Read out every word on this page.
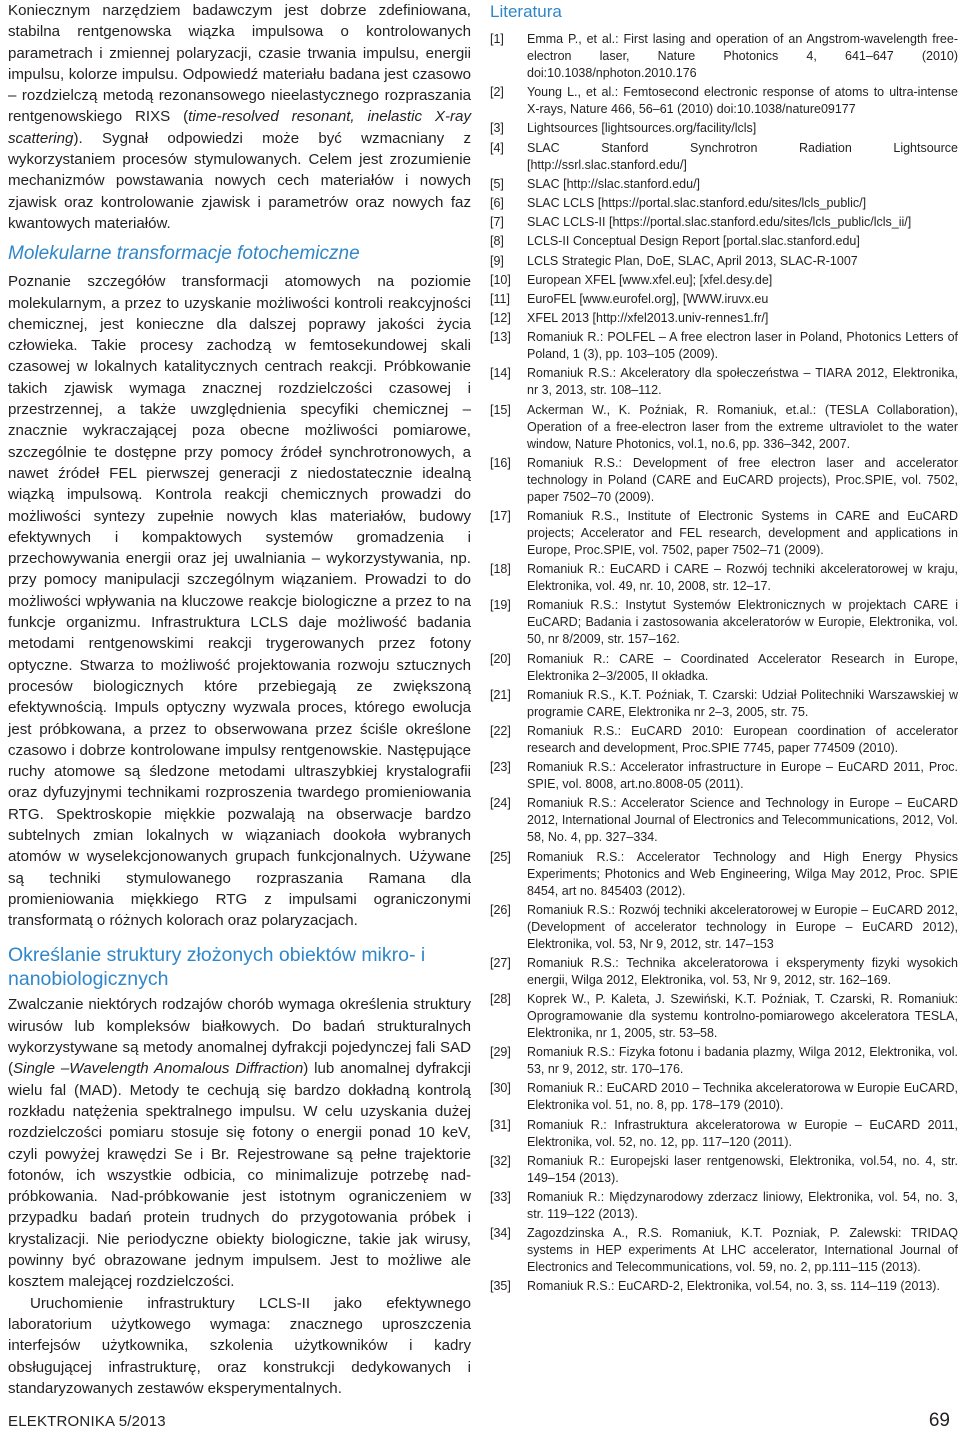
Koniecznym narzędziem badawczym jest dobrze zdefiniowana, stabilna rentgenowska wiązka impulsowa o kontrolowanych parametrach i zmiennej polaryzacji, czasie trwania impulsu, energii impulsu, kolorze impulsu. Odpowiedź materiału badana jest czasowo – rozdzielczą metodą rezonansowego nieelastycznego rozpraszania rentgenowskiego RIXS (time-resolved resonant, inelastic X-ray scattering). Sygnał odpowiedzi może być wzmacniany z wykorzystaniem procesów stymulowanych. Celem jest zrozumienie mechanizmów powstawania nowych cech materiałów i nowych zjawisk oraz kontrolowanie zjawisk i parametrów oraz nowych faz kwantowych materiałów.

Molekularne transformacje fotochemiczne

Poznanie szczegółów transformacji atomowych na poziomie molekularnym, a przez to uzyskanie możliwości kontroli reakcyjności chemicznej, jest konieczne dla dalszej poprawy jakości życia człowieka. Takie procesy zachodzą w femtosekundowej skali czasowej w lokalnych katalitycznych centrach reakcji. Próbkowanie takich zjawisk wymaga znacznej rozdzielczości czasowej i przestrzennej, a także uwzględnienia specyfiki chemicznej – znacznie wykraczającej poza obecne możliwości pomiarowe, szczególnie te dostępne przy pomocy źródeł synchrotronowych, a nawet źródeł FEL pierwszej generacji z niedostatecznie idealną wiązką impulsową. Kontrola reakcji chemicznych prowadzi do możliwości syntezy zupełnie nowych klas materiałów, budowy efektywnych i kompaktowych systemów gromadzenia i przechowywania energii oraz jej uwalniania – wykorzystywania, np. przy pomocy manipulacji szczególnym wiązaniem. Prowadzi to do możliwości wpływania na kluczowe reakcje biologiczne a przez to na funkcje organizmu. Infrastruktura LCLS daje możliwość badania metodami rentgenowskimi reakcji trygerowanych przez fotony optyczne. Stwarza to możliwość projektowania rozwoju sztucznych procesów biologicznych które przebiegają ze zwiększoną efektywnością. Impuls optyczny wyzwala proces, którego ewolucja jest próbkowana, a przez to obserwowana przez ściśle określone czasowo i dobrze kontrolowane impulsy rentgenowskie. Następujące ruchy atomowe są śledzone metodami ultraszybkiej krystalografii oraz dyfuzyjnymi technikami rozproszenia twardego promieniowania RTG. Spektroskopie miękkie pozwalają na obserwacje bardzo subtelnych zmian lokalnych w wiązaniach dookoła wybranych atomów w wyselekcjonowanych grupach funkcjonalnych. Używane są techniki stymulowanego rozpraszania Ramana dla promieniowania miękkiego RTG z impulsami ograniczonymi transformatą o różnych kolorach oraz polaryzacjach.

Określanie struktury złożonych obiektów mikro- i nanobiologicznych

Zwalczanie niektórych rodzajów chorób wymaga określenia struktury wirusów lub kompleksów białkowych. Do badań strukturalnych wykorzystywane są metody anomalnej dyfrakcji pojedynczej fali SAD (Single –Wavelength Anomalous Diffraction) lub anomalnej dyfrakcji wielu fal (MAD). Metody te cechują się bardzo dokładną kontrolą rozkładu natężenia spektralnego impulsu. W celu uzyskania dużej rozdzielczości pomiaru stosuje się fotony o energii ponad 10 keV, czyli powyżej krawędzi Se i Br. Rejestrowane są pełne trajektorie fotonów, ich wszystkie odbicia, co minimalizuje potrzebę nad-próbkowania. Nad-próbkowanie jest istotnym ograniczeniem w przypadku badań protein trudnych do przygotowania próbek i krystalizacji. Nie periodyczne obiekty biologiczne, takie jak wirusy, powinny być obrazowane jednym impulsem. Jest to możliwe ale kosztem malejącej rozdzielczości.

Uruchomienie infrastruktury LCLS-II jako efektywnego laboratorium użytkowego wymaga: znacznego uproszczenia interfejsów użytkownika, szkolenia użytkowników i kadry obsługującej infrastrukturę, oraz konstrukcji dedykowanych i standaryzowanych zestawów eksperymentalnych.

Literatura
[1]	Emma P., et al.: First lasing and operation of an Angstrom-wavelength free-electron laser, Nature Photonics 4, 641–647 (2010) doi:10.1038/nphoton.2010.176
[2]	Young L., et al.: Femtosecond electronic response of atoms to ultra-intense X-rays, Nature 466, 56–61 (2010) doi:10.1038/nature09177
[3]	Lightsources [lightsources.org/facility/lcls]
[4]	SLAC Stanford Synchrotron Radiation Lightsource [http://ssrl.slac.stanford.edu/]
[5]	SLAC [http://slac.stanford.edu/]
[6]	SLAC LCLS [https://portal.slac.stanford.edu/sites/lcls_public/]
[7]	SLAC LCLS-II [https://portal.slac.stanford.edu/sites/lcls_public/lcls_ii/]
[8]	LCLS-II Conceptual Design Report [portal.slac.stanford.edu]
[9]	LCLS Strategic Plan, DoE, SLAC, April 2013, SLAC-R-1007
[10]	European XFEL [www.xfel.eu]; [xfel.desy.de]
[11]	EuroFEL [www.eurofel.org], [WWW.iruvx.eu
[12]	XFEL 2013 [http://xfel2013.univ-rennes1.fr/]
[13]	Romaniuk R.: POLFEL – A free electron laser in Poland, Photonics Letters of Poland, 1 (3), pp. 103–105 (2009).
[14]	Romaniuk R.S.: Akceleratory dla społeczeństwa – TIARA 2012, Elektronika, nr 3, 2013, str. 108–112.
[15]	Ackerman W., K. Poźniak, R. Romaniuk, et.al.: (TESLA Collaboration), Operation of a free-electron laser from the extreme ultraviolet to the water window, Nature Photonics, vol.1, no.6, pp. 336–342, 2007.
[16]	Romaniuk R.S.: Development of free electron laser and accelerator technology in Poland (CARE and EuCARD projects), Proc.SPIE, vol. 7502, paper 7502–70 (2009).
[17]	Romaniuk R.S., Institute of Electronic Systems in CARE and EuCARD projects; Accelerator and FEL research, development and applications in Europe, Proc.SPIE, vol. 7502, paper 7502–71 (2009).
[18]	Romaniuk R.: EuCARD i CARE – Rozwój techniki akceleratorowej w kraju, Elektronika, vol. 49, nr. 10, 2008, str. 12–17.
[19]	Romaniuk R.S.: Instytut Systemów Elektronicznych w projektach CARE i EuCARD; Badania i zastosowania akceleratorów w Europie, Elektronika, vol. 50, nr 8/2009, str. 157–162.
[20]	Romaniuk R.: CARE – Coordinated Accelerator Research in Europe, Elektronika 2–3/2005, II okładka.
[21]	Romaniuk R.S., K.T. Poźniak, T. Czarski: Udział Politechniki Warszawskiej w programie CARE, Elektronika nr 2–3, 2005, str. 75.
[22]	Romaniuk R.S.: EuCARD 2010: European coordination of accelerator research and development, Proc.SPIE 7745, paper 774509 (2010).
[23]	Romaniuk R.S.: Accelerator infrastructure in Europe – EuCARD 2011, Proc. SPIE, vol. 8008, art.no.8008-05 (2011).
[24]	Romaniuk R.S.: Accelerator Science and Technology in Europe – EuCARD 2012, International Journal of Electronics and Telecommunications, 2012, Vol. 58, No. 4, pp. 327–334.
[25]	Romaniuk R.S.: Accelerator Technology and High Energy Physics Experiments; Photonics and Web Engineering, Wilga May 2012, Proc. SPIE 8454, art no. 845403 (2012).
[26]	Romaniuk R.S.: Rozwój techniki akceleratorowej w Europie – EuCARD 2012, (Development of accelerator technology in Europe – EuCARD 2012), Elektronika, vol. 53, Nr 9, 2012, str. 147–153
[27]	Romaniuk R.S.: Technika akceleratorowa i eksperymenty fizyki wysokich energii, Wilga 2012, Elektronika, vol. 53, Nr 9, 2012, str. 162–169.
[28]	Koprek W., P. Kaleta, J. Szewiński, K.T. Poźniak, T. Czarski, R. Romaniuk: Oprogramowanie dla systemu kontrolno-pomiarowego akceleratora TESLA, Elektronika, nr 1, 2005, str. 53–58.
[29]	Romaniuk R.S.: Fizyka fotonu i badania plazmy, Wilga 2012, Elektronika, vol. 53, nr 9, 2012, str. 170–176.
[30]	Romaniuk R.: EuCARD 2010 – Technika akceleratorowa w Europie EuCARD, Elektronika vol. 51, no. 8, pp. 178–179 (2010).
[31]	Romaniuk R.: Infrastruktura akceleratorowa w Europie – EuCARD 2011, Elektronika, vol. 52, no. 12, pp. 117–120 (2011).
[32]	Romaniuk R.: Europejski laser rentgenowski, Elektronika, vol.54, no. 4, str. 149–154 (2013).
[33]	Romaniuk R.: Międzynarodowy zderzacz liniowy, Elektronika, vol. 54, no. 3, str. 119–122 (2013).
[34]	Zagozdzinska A., R.S. Romaniuk, K.T. Pozniak, P. Zalewski: TRIDAQ systems in HEP experiments At LHC accelerator, International Journal of Electronics and Telecommunications, vol. 59, no. 2, pp.111–115 (2013).
[35]	Romaniuk R.S.: EuCARD-2, Elektronika, vol.54, no. 3, ss. 114–119 (2013).
ELEKTRONIKA 5/2013	69
